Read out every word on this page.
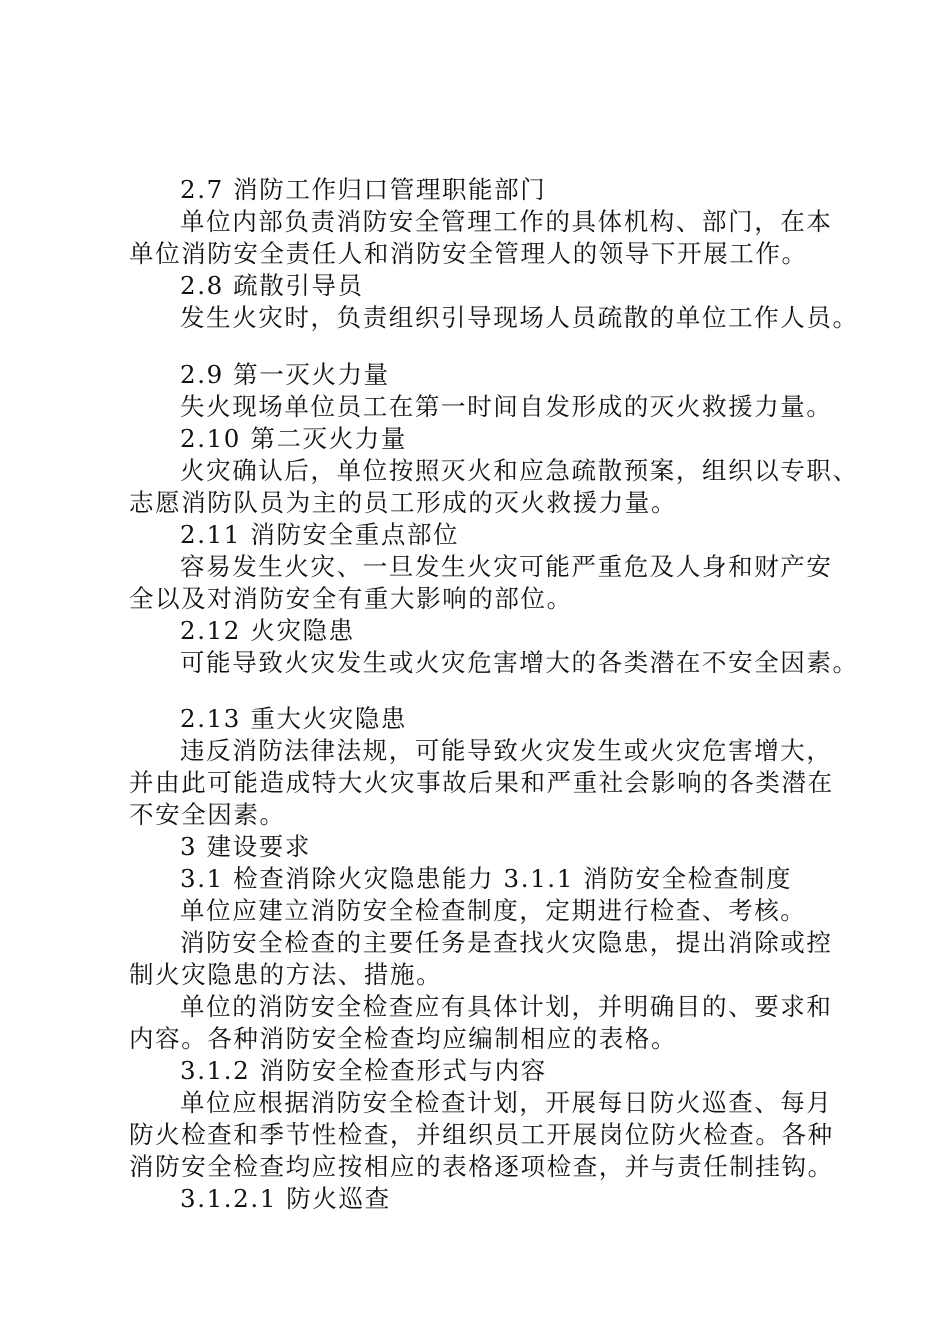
2.7 消防工作归口管理职能部门
单位内部负责消防安全管理工作的具体机构、部门，在本
单位消防安全责任人和消防安全管理人的领导下开展工作。
2.8 疏散引导员
发生火灾时，负责组织引导现场人员疏散的单位工作人员。
2.9 第一灭火力量
失火现场单位员工在第一时间自发形成的灭火救援力量。
2.10 第二灭火力量
火灾确认后，单位按照灭火和应急疏散预案，组织以专职、
志愿消防队员为主的员工形成的灭火救援力量。
2.11 消防安全重点部位
容易发生火灾、一旦发生火灾可能严重危及人身和财产安
全以及对消防安全有重大影响的部位。
2.12 火灾隐患
可能导致火灾发生或火灾危害增大的各类潜在不安全因素。
2.13 重大火灾隐患
违反消防法律法规，可能导致火灾发生或火灾危害增大，
并由此可能造成特大火灾事故后果和严重社会影响的各类潜在
不安全因素。
3 建设要求
3.1 检查消除火灾隐患能力 3.1.1 消防安全检查制度
单位应建立消防安全检查制度，定期进行检查、考核。
消防安全检查的主要任务是查找火灾隐患，提出消除或控
制火灾隐患的方法、措施。
单位的消防安全检查应有具体计划，并明确目的、要求和
内容。各种消防安全检查均应编制相应的表格。
3.1.2 消防安全检查形式与内容
单位应根据消防安全检查计划，开展每日防火巡查、每月
防火检查和季节性检查，并组织员工开展岗位防火检查。各种
消防安全检查均应按相应的表格逐项检查，并与责任制挂钩。
3.1.2.1 防火巡查
